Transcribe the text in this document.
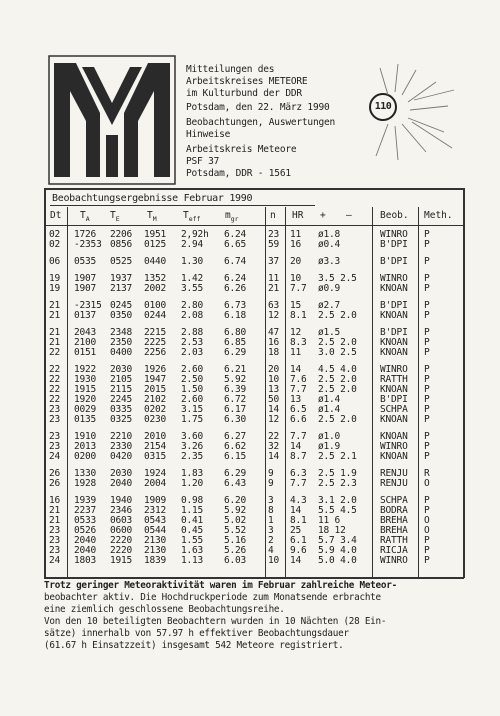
Mitteilungen des
Arbeitskreises METEORE
im Kulturbund der DDR
Potsdam, den 22. März 1990
Beobachtungen, Auswertungen
Hinweise
Arbeitskreis Meteore
PSF 37
Potsdam, DDR - 1561
110
Beobachtungsergebnisse Februar 1990
Dt $T_A$ $T_E$	$T_M$	$T_{eff}$	$m_{gr}$	n HR + —	Beob. Meth.
02 1726 2206 1951 2,92h 6.24 23 11 ø1.8	WINRO P
02 -2353 0856 0125 2.94 6.65 59 16 ø0.4	B'DPI P
06 0535 0525 0440 1.30 6.74 37 20 ø3.3	B'DPI P
19 1907 1937 1352 1.42 6.24 11 10 3.5 2.5 WINRO P
19 1907 2137 2002 3.55 6.26 21 7.7 ø0.9	KNOAN P
21 -2315 0245 0100 2.80 6.73 63 15 ø2.7	B'DPI P
21 0137 0350 0244 2.08 6.18 12 8.1 2.5 2.0 KNOAN P
21 2043 2348 2215 2.88 6.80 47 12 ø1.5	B'DPI P
21 2100 2350 2225 2.53 6.85 16 8.3 2.5 2.0 KNOAN P
22 0151 0400 2256 2.03 6.29 18 11 3.0 2.5 KNOAN P
22 1922 2030 1926 2.60 6.21 20 14 4.5 4.0 WINRO P
22 1930 2105 1947 2.50 5.92 10 7.6 2.5 2.0 RATTH P
22 1915 2115 2015 1.50 6.39 13 7.7 2.5 2.0 KNOAN P
22 1920 2245 2102 2.60 6.72 50 13 ø1.4	B'DPI P
23 0029 0335 0202 3.15 6.17 14 6.5 ø1.4	SCHPA P
23 0135 0325 0230 1.75 6.30 12 6.6 2.5 2.0 KNOAN P
23 1910 2210 2010 3.60 6.27 22 7.7 ø1.0	KNOAN P
23 2013 2330 2154 3.26 6.62 32 14 ø1.9	WINRO P
24 0200 0420 0315 2.35 6.15 14 8.7 2.5 2.1 KNOAN P
26 1330 2030 1924 1.83 6.29 9 6.3 2.5 1.9 RENJU R
26 1928 2040 2004 1.20 6.43 9 7.7 2.5 2.3 RENJU O
16 1939 1940 1909 0.98 6.20 3 4.3 3.1 2.0 SCHPA P
21 2237 2346 2312 1.15 5.92 8 14 5.5 4.5 BODRA P
21 0533 0603 0543 0.41 5.02 1 8.1 11 6	BREHA O
23 0526 0600 0544 0.45 5.52 3 25 18 12	BREHA O
23 2040 2220 2130 1.55 5.16 2 6.1 5.7 3.4 RATTH P
23 2040 2220 2130 1.63 5.26 4 9.6 5.9 4.0 RICJA P
24 1803 1915 1839 1.13 6.03 10 14 5.0 4.0 WINRO P
Trotz geringer Meteoraktivität waren im Februar zahlreiche Meteor-
beobachter aktiv. Die Hochdruckperiode zum Monatsende erbrachte
eine ziemlich geschlossene Beobachtungsreihe.
Von den 10 beteiligten Beobachtern wurden in 10 Nächten (28 Ein-
sätze) innerhalb von 57.97 h effektiver Beobachtungsdauer
(61.67 h Einsatzzeit) insgesamt 542 Meteore registriert.
